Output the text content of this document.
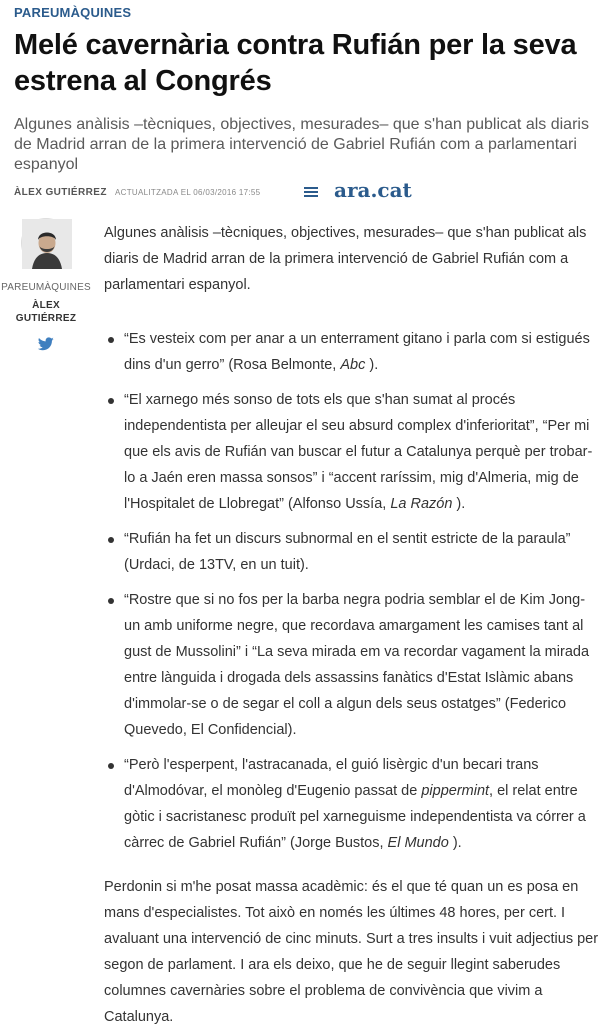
PAREUMÀQUINES
Melé cavernària contra Rufián per la seva estrena al Congrés

Algunes anàlisis –tècniques, objectives, mesurades– que s'han publicat als diaris de Madrid arran de la primera intervenció de Gabriel Rufián com a parlamentari espanyol

ÀLEX GUTIÉRREZ ACTUALITZADA EL 06/03/2016 17:55	ara.cat
PAREUMÀQUINES
ÀLEX
GUTIÉRREZ

Algunes anàlisis –tècniques, objectives, mesurades– que s'han publicat als diaris de Madrid arran de la primera intervenció de Gabriel Rufián com a parlamentari espanyol.

“Es vesteix com per anar a un enterrament gitano i parla com si estigués dins d'un gerro” (Rosa Belmonte, Abc ).
“El xarnego més sonso de tots els que s'han sumat al procés independentista per alleujar el seu absurd complex d'inferioritat”, “Per mi que els avis de Rufián van buscar el futur a Catalunya perquè per trobar-lo a Jaén eren massa sonsos” i “accent raríssim, mig d'Almeria, mig de l'Hospitalet de Llobregat” (Alfonso Ussía, La Razón ).
“Rufián ha fet un discurs subnormal en el sentit estricte de la paraula” (Urdaci, de 13TV, en un tuit).
“Rostre que si no fos per la barba negra podria semblar el de Kim Jong-un amb uniforme negre, que recordava amargament les camises tant al gust de Mussolini” i “La seva mirada em va recordar vagament la mirada entre lànguida i drogada dels assassins fanàtics d'Estat Islàmic abans d'immolar-se o de segar el coll a algun dels seus ostatges” (Federico Quevedo, El Confidencial).
“Però l'esperpent, l'astracanada, el guió lisèrgic d'un becari trans d'Almodóvar, el monòleg d'Eugenio passat de pippermint, el relat entre gòtic i sacristanesc produït pel xarneguisme independentista va córrer a càrrec de Gabriel Rufián” (Jorge Bustos, El Mundo ).

Perdonin si m'he posat massa acadèmic: és el que té quan un es posa en mans d'especialistes. Tot això en només les últimes 48 hores, per cert. I avaluant una intervenció de cinc minuts. Surt a tres insults i vuit adjectius per segon de parlament. I ara els deixo, que he de seguir llegint saberudes columnes cavernàries sobre el problema de convivència que vivim a Catalunya.
